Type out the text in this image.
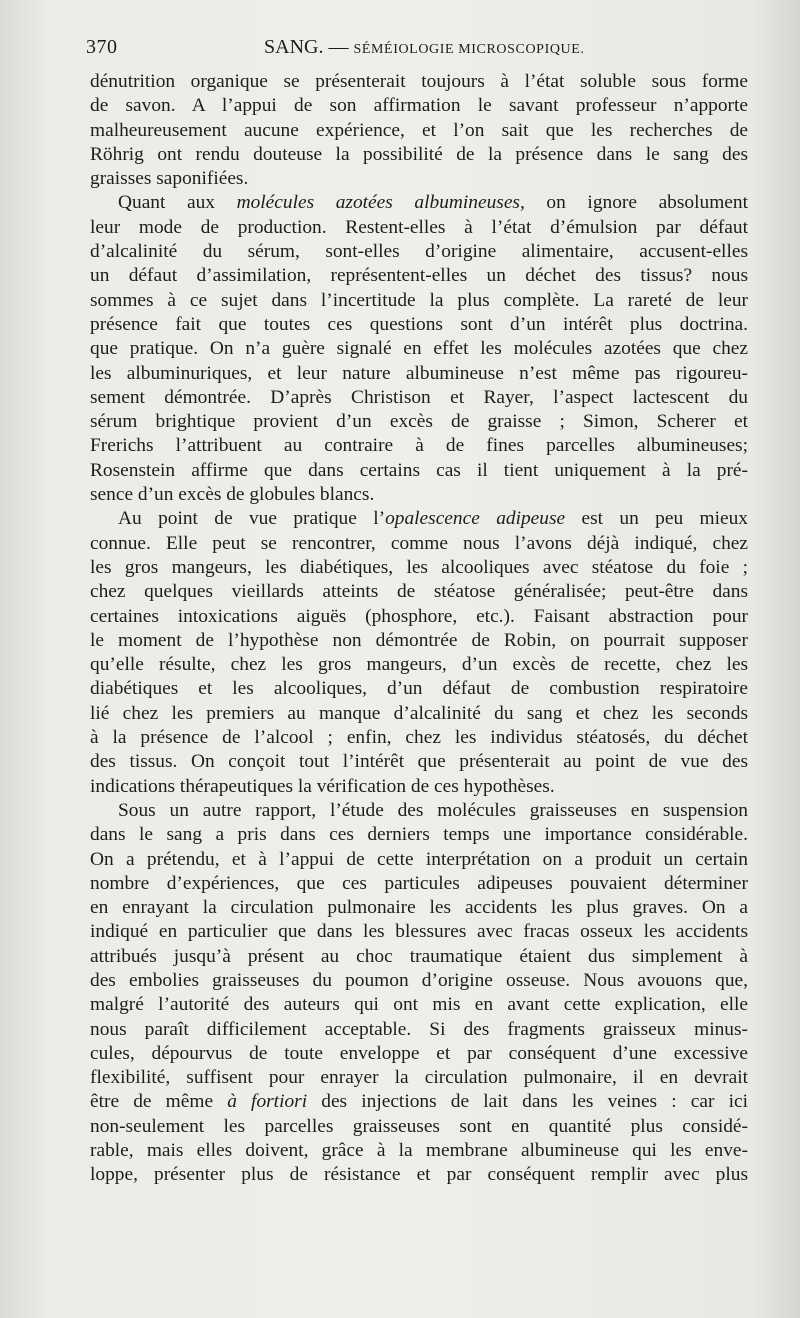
370	SANG. — SÉMÉIOLOGIE MICROSCOPIQUE.
dénutrition organique se présenterait toujours à l’état soluble sous forme
de savon. A l’appui de son affirmation le savant professeur n’apporte
malheureusement aucune expérience, et l’on sait que les recherches de
Röhrig ont rendu douteuse la possibilité de la présence dans le sang des
graisses saponifiées.
Quant aux molécules azotées albumineuses, on ignore absolument
leur mode de production. Restent-elles à l’état d’émulsion par défaut
d’alcalinité du sérum, sont-elles d’origine alimentaire, accusent-elles
un défaut d’assimilation, représentent-elles un déchet des tissus? nous
sommes à ce sujet dans l’incertitude la plus complète. La rareté de leur
présence fait que toutes ces questions sont d’un intérêt plus doctrina.
que pratique. On n’a guère signalé en effet les molécules azotées que chez
les albuminuriques, et leur nature albumineuse n’est même pas rigoureu-
sement démontrée. D’après Christison et Rayer, l’aspect lactescent du
sérum brightique provient d’un excès de graisse ; Simon, Scherer et
Frerichs l’attribuent au contraire à de fines parcelles albumineuses;
Rosenstein affirme que dans certains cas il tient uniquement à la pré-
sence d’un excès de globules blancs.
Au point de vue pratique l’opalescence adipeuse est un peu mieux
connue. Elle peut se rencontrer, comme nous l’avons déjà indiqué, chez
les gros mangeurs, les diabétiques, les alcooliques avec stéatose du foie ;
chez quelques vieillards atteints de stéatose généralisée; peut-être dans
certaines intoxications aiguës (phosphore, etc.). Faisant abstraction pour
le moment de l’hypothèse non démontrée de Robin, on pourrait supposer
qu’elle résulte, chez les gros mangeurs, d’un excès de recette, chez les
diabétiques et les alcooliques, d’un défaut de combustion respiratoire
lié chez les premiers au manque d’alcalinité du sang et chez les seconds
à la présence de l’alcool ; enfin, chez les individus stéatosés, du déchet
des tissus. On conçoit tout l’intérêt que présenterait au point de vue des
indications thérapeutiques la vérification de ces hypothèses.
Sous un autre rapport, l’étude des molécules graisseuses en suspension
dans le sang a pris dans ces derniers temps une importance considérable.
On a prétendu, et à l’appui de cette interprétation on a produit un certain
nombre d’expériences, que ces particules adipeuses pouvaient déterminer
en enrayant la circulation pulmonaire les accidents les plus graves. On a
indiqué en particulier que dans les blessures avec fracas osseux les accidents
attribués jusqu’à présent au choc traumatique étaient dus simplement à
des embolies graisseuses du poumon d’origine osseuse. Nous avouons que,
malgré l’autorité des auteurs qui ont mis en avant cette explication, elle
nous paraît difficilement acceptable. Si des fragments graisseux minus-
cules, dépourvus de toute enveloppe et par conséquent d’une excessive
flexibilité, suffisent pour enrayer la circulation pulmonaire, il en devrait
être de même à fortiori des injections de lait dans les veines : car ici
non-seulement les parcelles graisseuses sont en quantité plus considé-
rable, mais elles doivent, grâce à la membrane albumineuse qui les enve-
loppe, présenter plus de résistance et par conséquent remplir avec plus
